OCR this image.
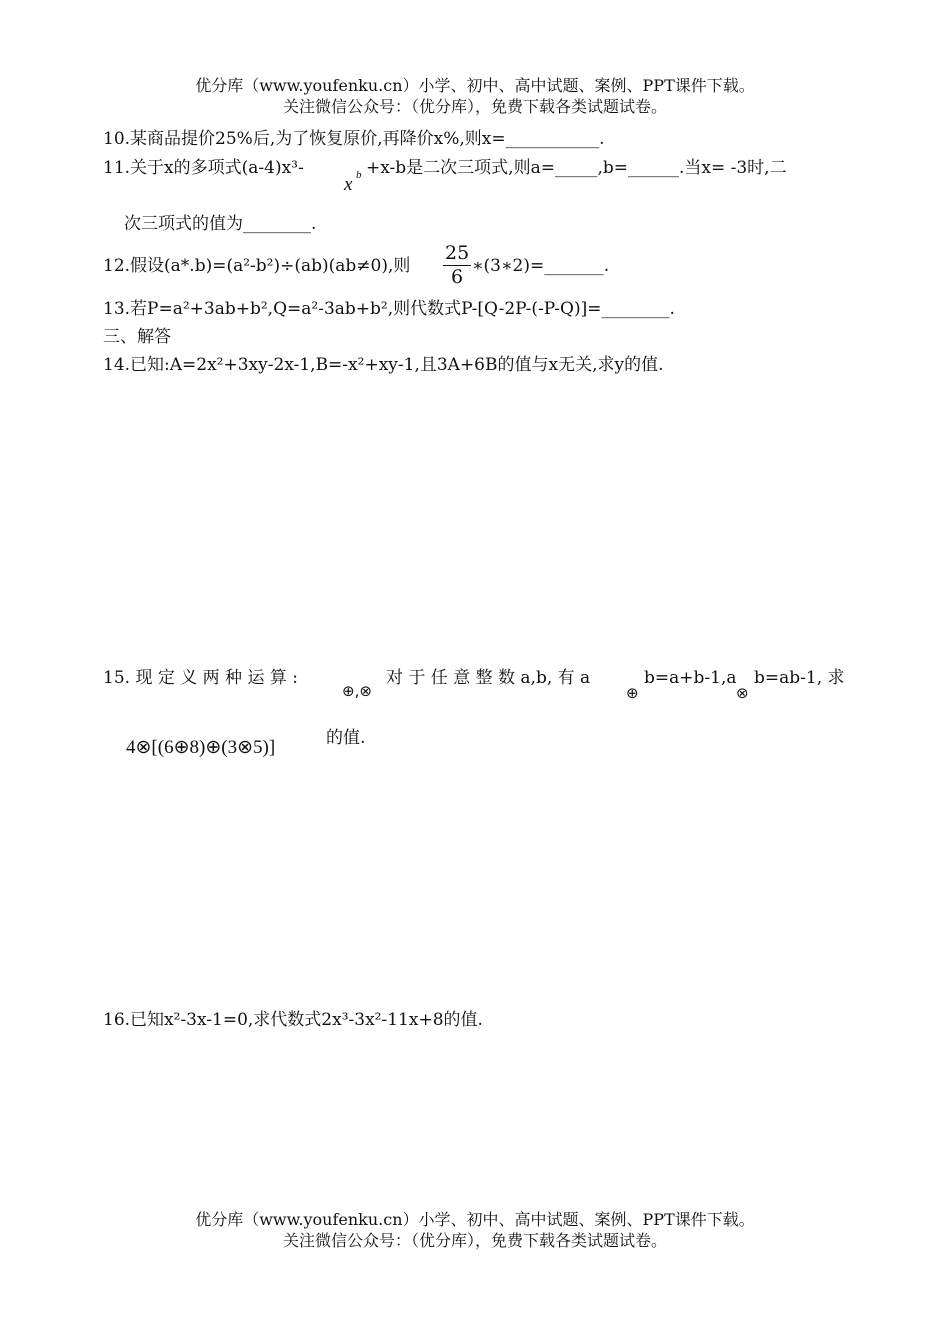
优分库（www.youfenku.cn）小学、初中、高中试题、案例、PPT课件下载。
关注微信公众号：（优分库），免费下载各类试题试卷。
10.某商品提价25%后,为了恢复原价,再降价x%,则x=___________.
11.关于x的多项式(a-4)x³-
x b +x-b是二次三项式,则a=_____,b=______.当x= -3时,二
次三项式的值为________.
12.假设(a*.b)=(a²-b²)÷(ab)(ab≠0),则 $\frac{25}{6}$ ∗(3∗2)=_______.
13.若P=a²+3ab+b²,Q=a²-3ab+b²,则代数式P-[Q-2P-(-P-Q)]=________.
三、解答
14.已知:A=2x²+3xy-2x-1,B=-x²+xy-1,且3A+6B的值与x无关,求y的值.
15. 现 定 义 两 种 运 算 :
⊕,⊗
对 于 任 意 整 数 a,b, 有 a
⊕
b=a+b-1,a
⊗
b=ab-1, 求
4⊗[(6⊕8)⊕(3⊗5)]	的值.
16.已知x²-3x-1=0,求代数式2x³-3x²-11x+8的值.
优分库（www.youfenku.cn）小学、初中、高中试题、案例、PPT课件下载。
关注微信公众号：（优分库），免费下载各类试题试卷。
